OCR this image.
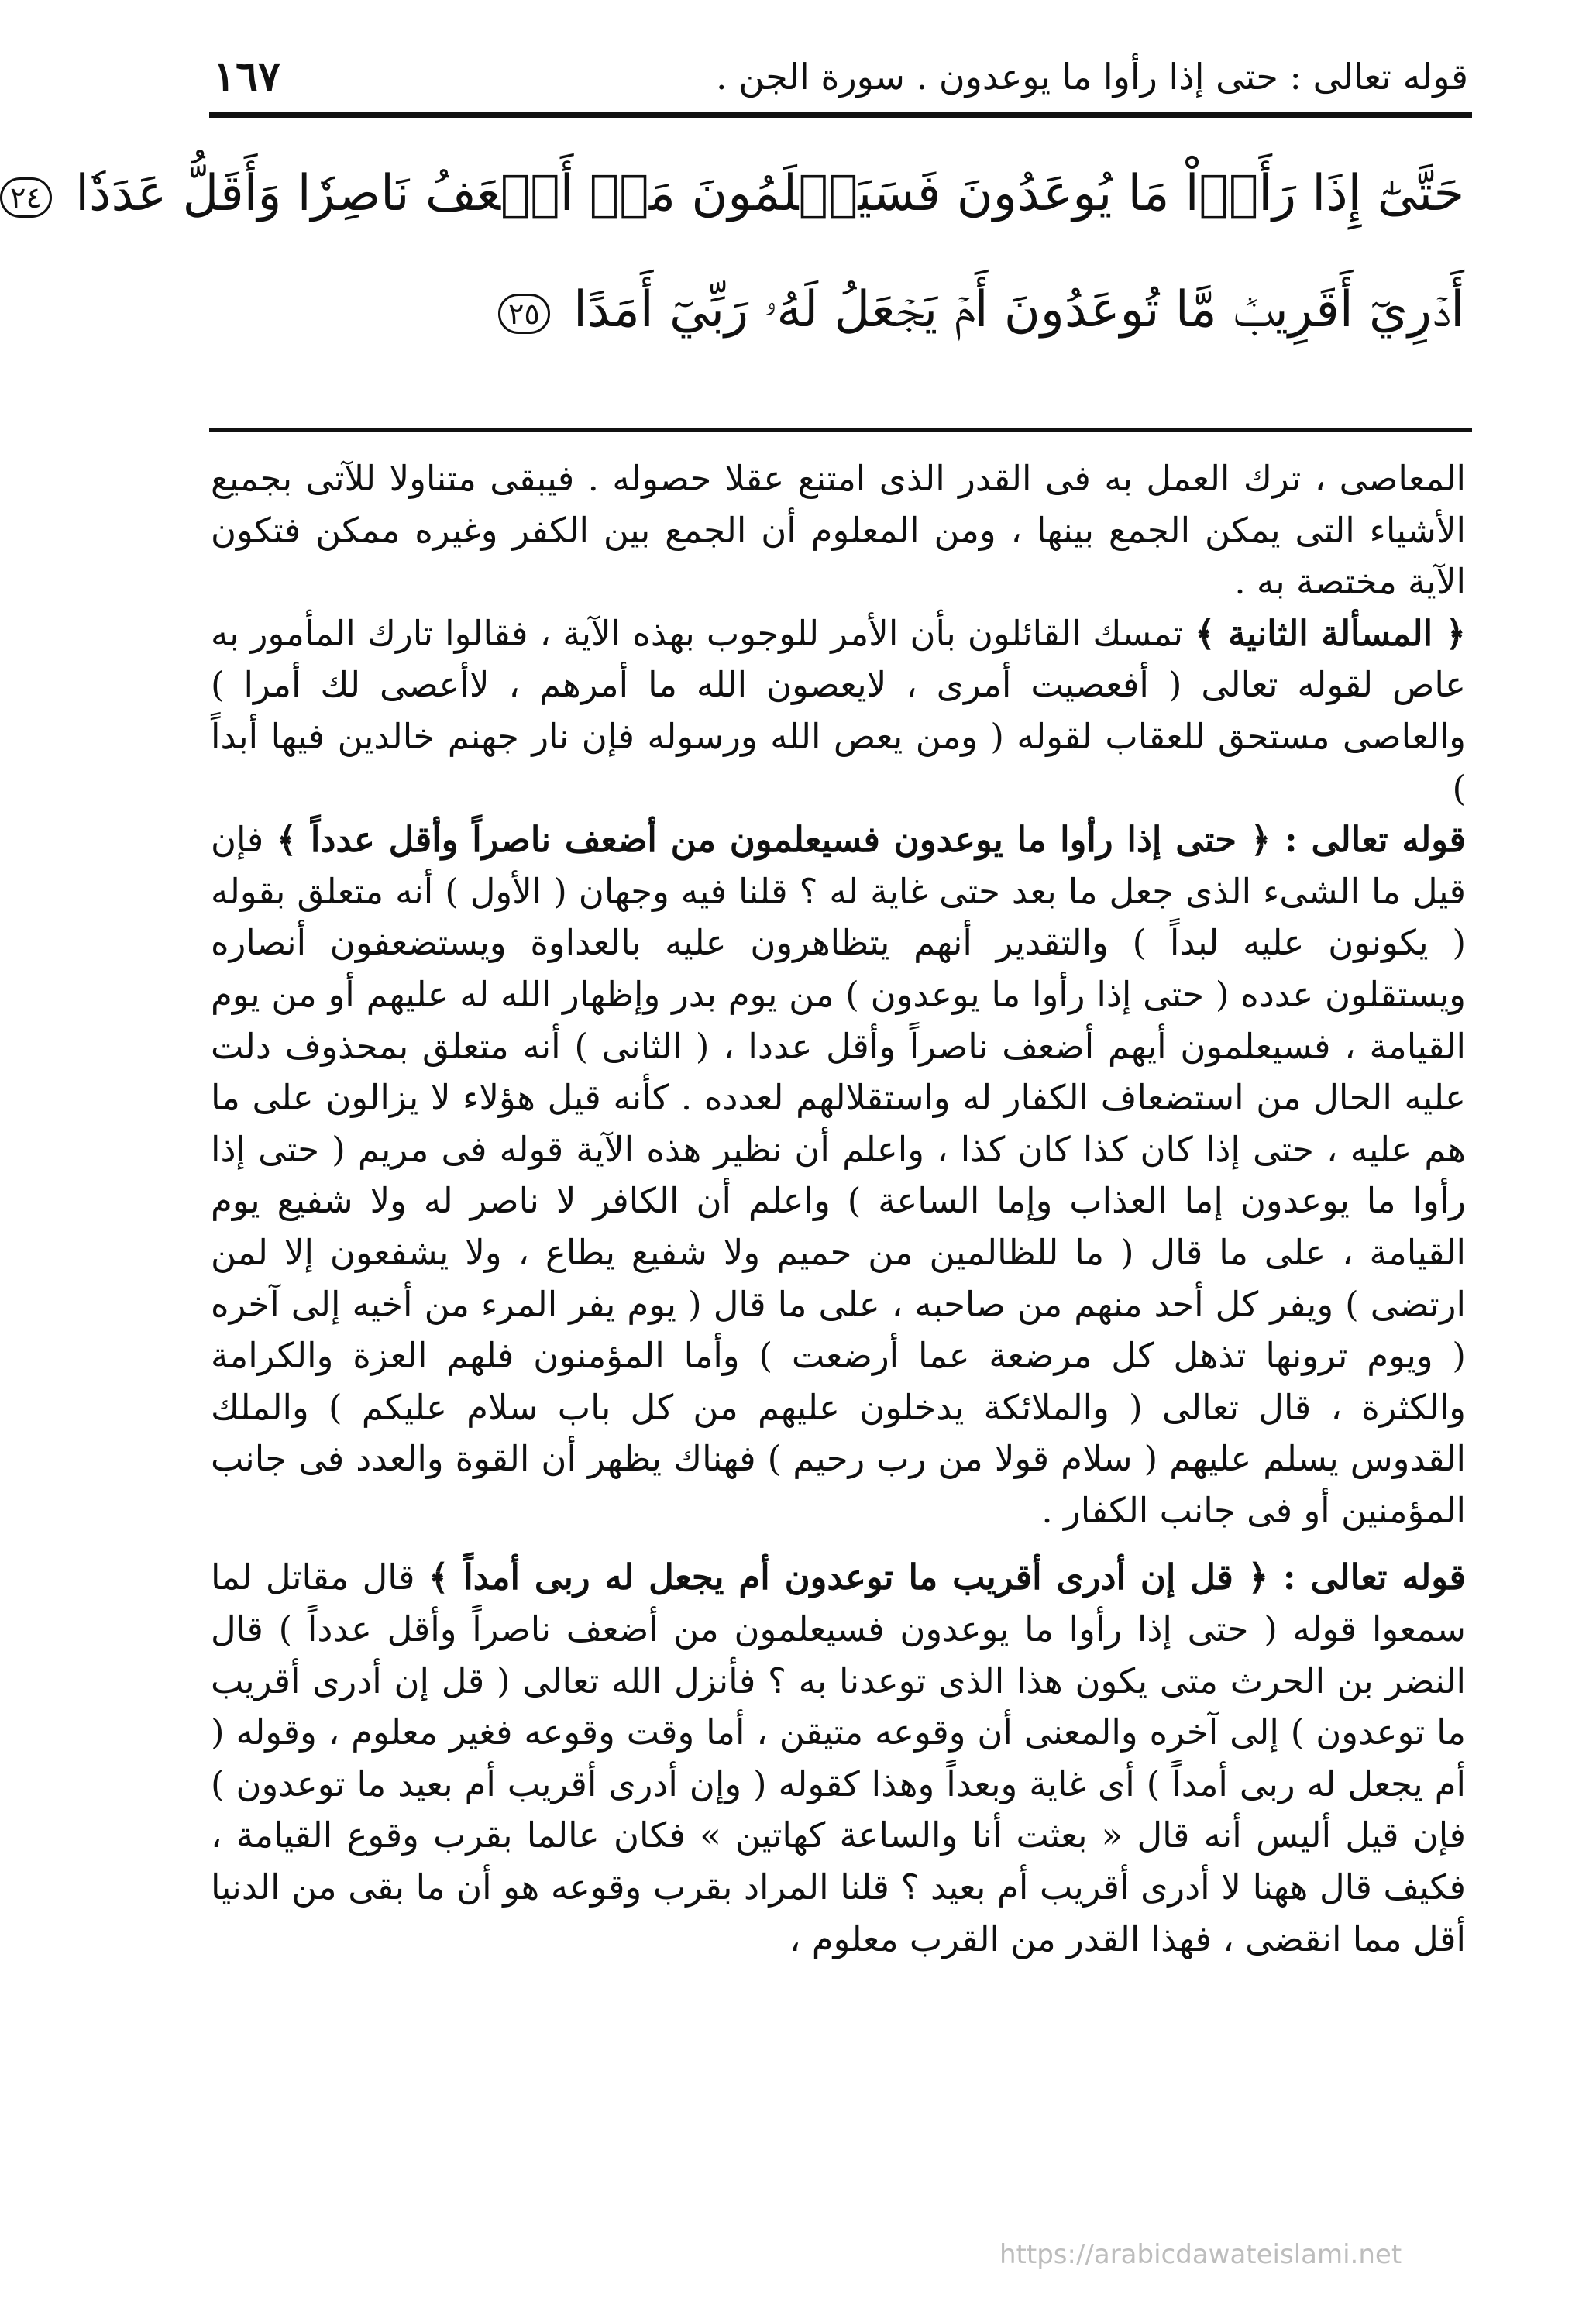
قوله تعالى : حتى إذا رأوا ما يوعدون . سورة الجن .
١٦٧
حَتَّىٰٓ إِذَا رَأَوۡاْ مَا يُوعَدُونَ فَسَيَعۡلَمُونَ مَنۡ أَضۡعَفُ نَاصِرٗا وَأَقَلُّ عَدَدٗا ٢٤
أَدۡرِيٓ أَقَرِيبٞ مَّا تُوعَدُونَ أَمۡ يَجۡعَلُ لَهُۥ رَبِّيٓ أَمَدًا ٢٥

المعاصى ، ترك العمل به فى القدر الذى امتنع عقلا حصوله . فيبقى متناولا للآتى بجميع الأشياء التى يمكن الجمع بينها ، ومن المعلوم أن الجمع بين الكفر وغيره ممكن فتكون الآية مختصة به .

﴿ المسألة الثانية ﴾ تمسك القائلون بأن الأمر للوجوب بهذه الآية ، فقالوا تارك المأمور به عاص لقوله تعالى ( أفعصيت أمرى ، لايعصون الله ما أمرهم ، لاأعصى لك أمرا ) والعاصى مستحق للعقاب لقوله ( ومن يعص الله ورسوله فإن نار جهنم خالدين فيها أبداً )

قوله تعالى : ﴿ حتى إذا رأوا ما يوعدون فسيعلمون من أضعف ناصراً وأقل عدداً ﴾ فإن قيل ما الشىء الذى جعل ما بعد حتى غاية له ؟ قلنا فيه وجهان ( الأول ) أنه متعلق بقوله ( يكونون عليه لبداً ) والتقدير أنهم يتظاهرون عليه بالعداوة ويستضعفون أنصاره ويستقلون عدده ( حتى إذا رأوا ما يوعدون ) من يوم بدر وإظهار الله له عليهم أو من يوم القيامة ، فسيعلمون أيهم أضعف ناصراً وأقل عددا ، ( الثانى ) أنه متعلق بمحذوف دلت عليه الحال من استضعاف الكفار له واستقلالهم لعدده . كأنه قيل هؤلاء لا يزالون على ما هم عليه ، حتى إذا كان كذا كان كذا ، واعلم أن نظير هذه الآية قوله فى مريم ( حتى إذا رأوا ما يوعدون إما العذاب وإما الساعة ) واعلم أن الكافر لا ناصر له ولا شفيع يوم القيامة ، على ما قال ( ما للظالمين من حميم ولا شفيع يطاع ، ولا يشفعون إلا لمن ارتضى ) ويفر كل أحد منهم من صاحبه ، على ما قال ( يوم يفر المرء من أخيه إلى آخره ( ويوم ترونها تذهل كل مرضعة عما أرضعت ) وأما المؤمنون فلهم العزة والكرامة والكثرة ، قال تعالى ( والملائكة يدخلون عليهم من كل باب سلام عليكم ) والملك القدوس يسلم عليهم ( سلام قولا من رب رحيم ) فهناك يظهر أن القوة والعدد فى جانب المؤمنين أو فى جانب الكفار .

قوله تعالى : ﴿ قل إن أدرى أقريب ما توعدون أم يجعل له ربى أمداً ﴾ قال مقاتل لما سمعوا قوله ( حتى إذا رأوا ما يوعدون فسيعلمون من أضعف ناصراً وأقل عدداً ) قال النضر بن الحرث متى يكون هذا الذى توعدنا به ؟ فأنزل الله تعالى ( قل إن أدرى أقريب ما توعدون ) إلى آخره والمعنى أن وقوعه متيقن ، أما وقت وقوعه فغير معلوم ، وقوله ( أم يجعل له ربى أمداً ) أى غاية وبعداً وهذا كقوله ( وإن أدرى أقريب أم بعيد ما توعدون ) فإن قيل أليس أنه قال « بعثت أنا والساعة كهاتين » فكان عالما بقرب وقوع القيامة ، فكيف قال ههنا لا أدرى أقريب أم بعيد ؟ قلنا المراد بقرب وقوعه هو أن ما بقى من الدنيا أقل مما انقضى ، فهذا القدر من القرب معلوم ،

https://arabicdawateislami.net
